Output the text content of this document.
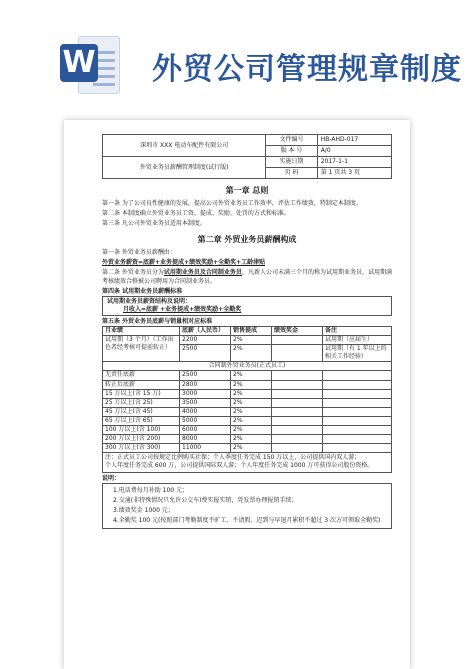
W 外贸公司管理规章制度
深圳市 XXX 电动车配件有限公司	文件编号	HB-AHD-017
	版 本 号	A/0
外贸业务员薪酬管理制度(试行版)	实施日期	2017-1-1
	页 码	第 1 页共 3 页
第一章 总则

第一条 为了公司良性健康的发展，提高公司外贸业务员工作效率，评估工作绩效，特制定本制度。

第二条 本制度确立外贸业务员工资、提成、奖励、处罚的方式和标准。

第三条 凡公司外贸业务员适用本制度。

第二章 外贸业务员薪酬构成

第一条 外贸业务员薪酬由：

外贸业务薪资=底薪+业务提成+绩效奖励+全勤奖+工龄津贴

第二条 外贸业务员分为试用期业务员及合同制业务员，凡新人公司未满三个月的称为试用期业务员，试用期满考核绩效合格被公司聘用为合同制业务员。

第四条 试用期业务员薪酬标准

试用期业务员薪资结构及说明：

月收入=底薪 +业务提成+绩效奖励+全勤奖

第五条 外贸业务员底薪与销量相对应标准

月业绩	底薪（人民币）	销售提成	绩效奖金	备注
试用期（3 个月）（工作出色者经考核可提前转正）	2200	2%		试用期（应届生）
	2500	2%		试用期（有 1 年以上的相关工作经验）
合同制外贸业务员(正式员工)				
无责任底薪	2500	2%		
转正后底薪	2800	2%		
15 万以上(含 15 万)	3000	2%		
25 万以上(含 25)	3500	2%		
45 万以上(含 45)	4000	2%		
65 万以上(含 65)	5000	2%		
100 万以上(含 100)	6000	2%		
200 万以上(含 200)	8000	2%		
300 万以上(含 300)	11000	2%		

注：正式员工公司按规定比例购买社保；个人季度任务完成 150 万以上，公司提供国内双人游；

个人年度任务完成 600 万，公司提供国际双人游；个人年度任务完成 1000 万可获得公司股份资格。				

说明：

1.电话费每月补助 100 元；

2.交通(非特殊情况只允许公交车)费实报实销，凭发票办理报销手续；

3.绩效奖金 1000 元；

4.全勤奖 100 元(按照部门考勤制度不旷工、不请假、迟到与早退月累积不超过 3 次方可领取全勤奖)
